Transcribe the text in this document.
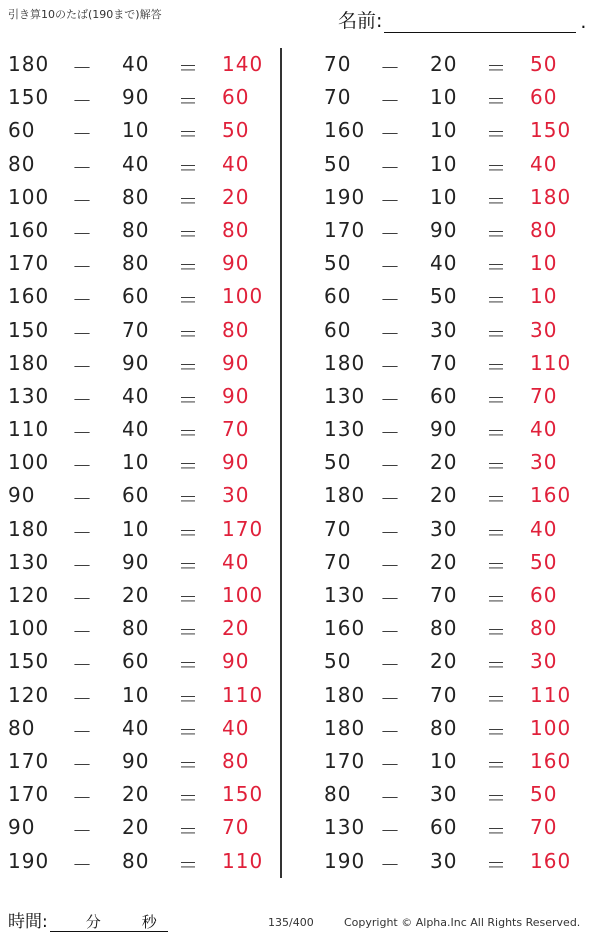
引き算10のたば(190まで)解答	名前:	.
180 － 40 ＝ 140
150 － 90 ＝ 60
60 － 10 ＝ 50
80 － 40 ＝ 40
100 － 80 ＝ 20
160 － 80 ＝ 80
170 － 80 ＝ 90
160 － 60 ＝ 100
150 － 70 ＝ 80
180 － 90 ＝ 90
130 － 40 ＝ 90
110 － 40 ＝ 70
100 － 10 ＝ 90
90 － 60 ＝ 30
180 － 10 ＝ 170
130 － 90 ＝ 40
120 － 20 ＝ 100
100 － 80 ＝ 20
150 － 60 ＝ 90
120 － 10 ＝ 110
80 － 40 ＝ 40
170 － 90 ＝ 80
170 － 20 ＝ 150
90 － 20 ＝ 70
190 － 80 ＝ 110
70 － 20 ＝ 50
70 － 10 ＝ 60
160 － 10 ＝ 150
50 － 10 ＝ 40
190 － 10 ＝ 180
170 － 90 ＝ 80
50 － 40 ＝ 10
60 － 50 ＝ 10
60 － 30 ＝ 30
180 － 70 ＝ 110
130 － 60 ＝ 70
130 － 90 ＝ 40
50 － 20 ＝ 30
180 － 20 ＝ 160
70 － 30 ＝ 40
70 － 20 ＝ 50
130 － 70 ＝ 60
160 － 80 ＝ 80
50 － 20 ＝ 30
180 － 70 ＝ 110
180 － 80 ＝ 100
170 － 10 ＝ 160
80 － 30 ＝ 50
130 － 60 ＝ 70
190 － 30 ＝ 160
時間:	分	秒	135/400	Copyright © Alpha.Inc All Rights Reserved.
